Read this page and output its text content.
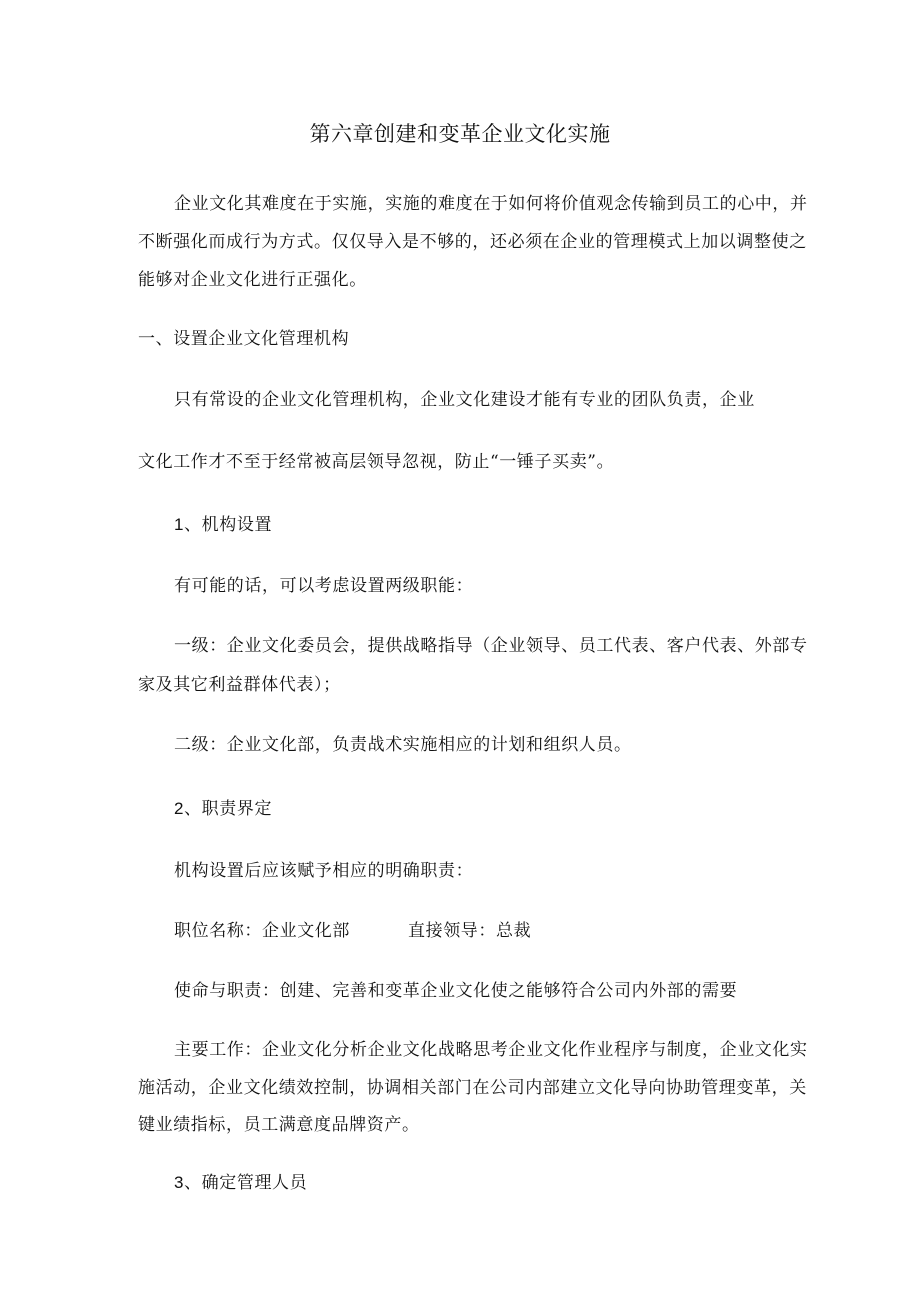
第六章创建和变革企业文化实施
企业文化其难度在于实施，实施的难度在于如何将价值观念传输到员工的心中，并
不断强化而成行为方式。仅仅导入是不够的，还必须在企业的管理模式上加以调整使之
能够对企业文化进行正强化。
一、设置企业文化管理机构
只有常设的企业文化管理机构，企业文化建设才能有专业的团队负责，企业
文化工作才不至于经常被高层领导忽视，防止“一锤子买卖”。
1、机构设置
有可能的话，可以考虑设置两级职能：
一级：企业文化委员会，提供战略指导（企业领导、员工代表、客户代表、外部专
家及其它利益群体代表）；
二级：企业文化部，负责战术实施相应的计划和组织人员。
2、职责界定
机构设置后应该赋予相应的明确职责：
职位名称：企业文化部	直接领导：总裁
使命与职责：创建、完善和变革企业文化使之能够符合公司内外部的需要
主要工作：企业文化分析企业文化战略思考企业文化作业程序与制度，企业文化实
施活动，企业文化绩效控制，协调相关部门在公司内部建立文化导向协助管理变革，关
键业绩指标，员工满意度品牌资产。
3、确定管理人员
